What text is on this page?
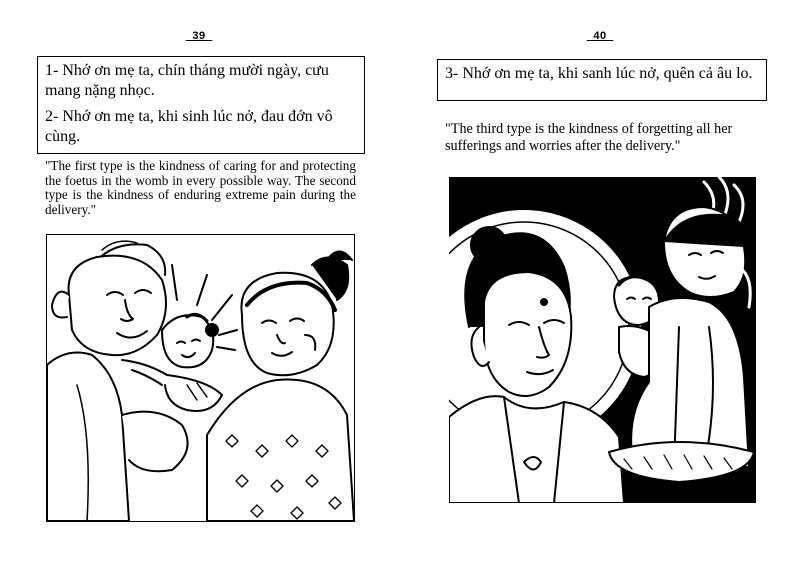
_39_

1- Nhớ ơn mẹ ta, chín tháng mười ngày, cưu mang nặng nhọc.

2- Nhớ ơn mẹ ta, khi sinh lúc nở, đau đớn vô cùng.

"The first type is the kindness of caring for and protecting the foetus in the womb in every possible way. The second type is the kindness of enduring extreme pain during the delivery."
_40_

3- Nhớ ơn mẹ ta, khi sanh lúc nở, quên cả âu lo.

"The third type is the kindness of forgetting all her sufferings and worries after the delivery."
